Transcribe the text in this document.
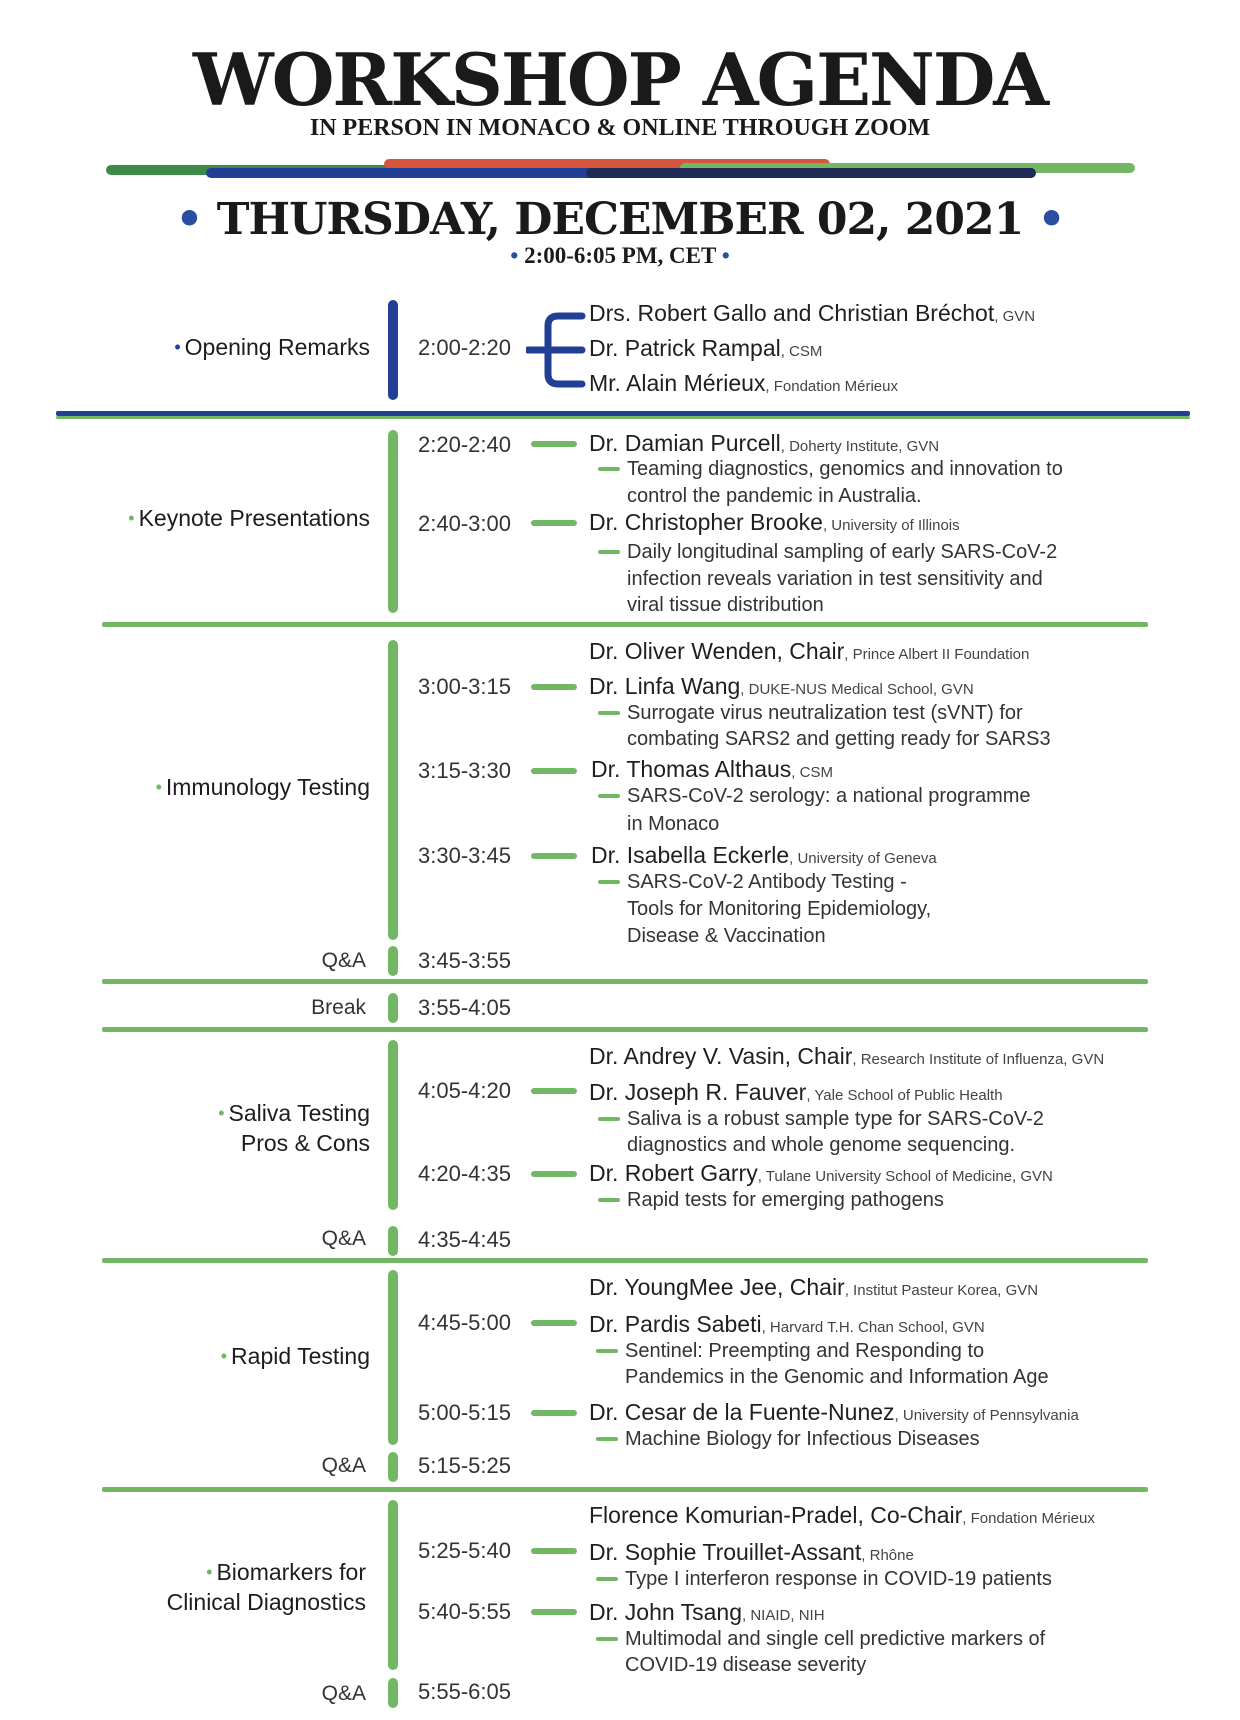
WORKSHOP AGENDA
IN PERSON IN MONACO & ONLINE THROUGH ZOOM
• THURSDAY, DECEMBER 02, 2021 •
• 2:00-6:05 PM, CET •
• Opening Remarks 2:00-2:20
Drs. Robert Gallo and Christian Bréchot, GVN
Dr. Patrick Rampal, CSM
Mr. Alain Mérieux, Fondation Mérieux
• Keynote Presentations
2:20-2:40	Dr. Damian Purcell, Doherty Institute, GVN
Teaming diagnostics, genomics and innovation to
control the pandemic in Australia.
2:40-3:00	Dr. Christopher Brooke, University of Illinois
Daily longitudinal sampling of early SARS-CoV-2
infection reveals variation in test sensitivity and
viral tissue distribution
• Immunology Testing
Dr. Oliver Wenden, Chair, Prince Albert II Foundation
3:00-3:15	Dr. Linfa Wang, DUKE-NUS Medical School, GVN
Surrogate virus neutralization test (sVNT) for
combating SARS2 and getting ready for SARS3
3:15-3:30	Dr. Thomas Althaus, CSM
SARS-CoV-2 serology: a national programme
in Monaco
3:30-3:45	Dr. Isabella Eckerle, University of Geneva
SARS-CoV-2 Antibody Testing -
Tools for Monitoring Epidemiology,
Disease & Vaccination
Q&A 3:45-3:55
Break 3:55-4:05
• Saliva Testing
Pros & Cons
Dr. Andrey V. Vasin, Chair, Research Institute of Influenza, GVN
4:05-4:20	Dr. Joseph R. Fauver, Yale School of Public Health
Saliva is a robust sample type for SARS-CoV-2
diagnostics and whole genome sequencing.
4:20-4:35	Dr. Robert Garry, Tulane University School of Medicine, GVN
Rapid tests for emerging pathogens
Q&A 4:35-4:45
• Rapid Testing
Dr. YoungMee Jee, Chair, Institut Pasteur Korea, GVN
4:45-5:00	Dr. Pardis Sabeti, Harvard T.H. Chan School, GVN
Sentinel: Preempting and Responding to
Pandemics in the Genomic and Information Age
5:00-5:15	Dr. Cesar de la Fuente-Nunez, University of Pennsylvania
Machine Biology for Infectious Diseases
Q&A 5:15-5:25
• Biomarkers for
Clinical Diagnostics
Florence Komurian-Pradel, Co-Chair, Fondation Mérieux
5:25-5:40	Dr. Sophie Trouillet-Assant, Rhône
Type I interferon response in COVID-19 patients
5:40-5:55	Dr. John Tsang, NIAID, NIH
Multimodal and single cell predictive markers of
COVID-19 disease severity
Q&A 5:55-6:05
